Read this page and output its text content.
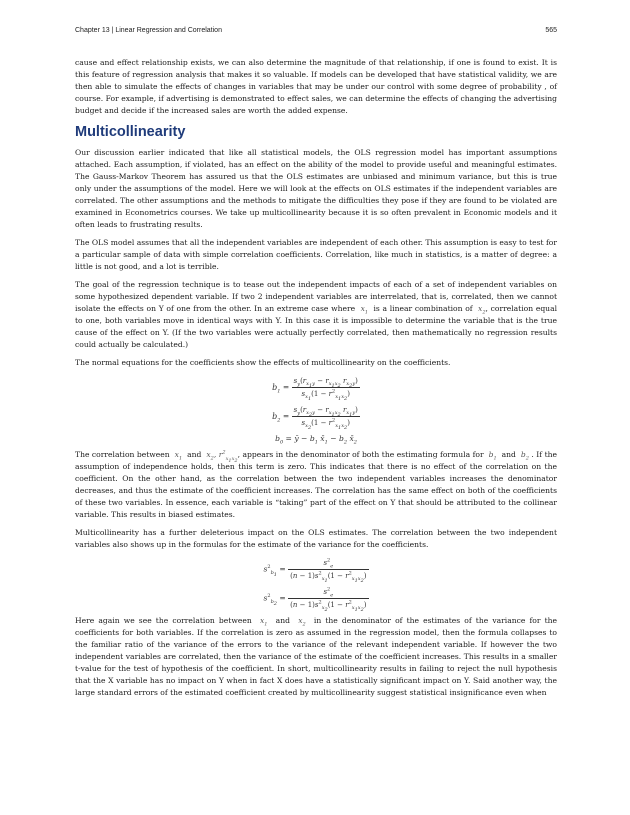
Chapter 13 | Linear Regression and Correlation	565

cause and effect relationship exists, we can also determine the magnitude of that relationship, if one is found to exist. It is this feature of regression analysis that makes it so valuable. If models can be developed that have statistical validity, we are then able to simulate the effects of changes in variables that may be under our control with some degree of probability , of course. For example, if advertising is demonstrated to effect sales, we can determine the effects of changing the advertising budget and decide if the increased sales are worth the added expense.

Multicollinearity

Our discussion earlier indicated that like all statistical models, the OLS regression model has important assumptions attached. Each assumption, if violated, has an effect on the ability of the model to provide useful and meaningful estimates. The Gauss-Markov Theorem has assured us that the OLS estimates are unbiased and minimum variance, but this is true only under the assumptions of the model. Here we will look at the effects on OLS estimates if the independent variables are correlated. The other assumptions and the methods to mitigate the difficulties they pose if they are found to be violated are examined in Econometrics courses. We take up multicollinearity because it is so often prevalent in Economic models and it often leads to frustrating results.

The OLS model assumes that all the independent variables are independent of each other. This assumption is easy to test for a particular sample of data with simple correlation coefficients. Correlation, like much in statistics, is a matter of degree: a little is not good, and a lot is terrible.

The goal of the regression technique is to tease out the independent impacts of each of a set of independent variables on some hypothesized dependent variable. If two 2 independent variables are interrelated, that is, correlated, then we cannot isolate the effects on Y of one from the other. In an extreme case where $x_1$ is a linear combination of $x_2$, correlation equal to one, both variables move in identical ways with Y. In this case it is impossible to determine the variable that is the true cause of the effect on Y. (If the two variables were actually perfectly correlated, then mathematically no regression results could actually be calculated.)

The normal equations for the coefficients show the effects of multicollinearity on the coefficients.

$b_1 = \frac{s_y(r_{x_1y} - r_{x_1x_2} r_{x_2y})}{s_{x_1}(1 - r^2_{x_1x_2})}$
$b_2 = \frac{s_y(r_{x_2y} - r_{x_1x_2} r_{x_1y})}{s_{x_2}(1 - r^2_{x_1x_2})}$
$b_0$ = ȳ − $b_1$ $x̄_1 - b_2$ $x̄_2$

The correlation between $x_1$ and $x_2$, $r^2_{x_1x_2}$, appears in the denominator of both the estimating formula for $b_1$ and $b_2$ . If the assumption of independence holds, then this term is zero. This indicates that there is no effect of the correlation on the coefficient. On the other hand, as the correlation between the two independent variables increases the denominator decreases, and thus the estimate of the coefficient increases. The correlation has the same effect on both of the coefficients of these two variables. In essence, each variable is “taking” part of the effect on Y that should be attributed to the collinear variable. This results in biased estimates.

Multicollinearity has a further deleterious impact on the OLS estimates. The correlation between the two independent variables also shows up in the formulas for the estimate of the variance for the coefficients.

$s^2_{b_1} = \frac{s^2_e}{(n - 1)s^2_{x_1}(1 - r^2_{x_1x_2})}$
$s^2_{b_2} = \frac{s^2_e}{(n - 1)s^2_{x_2}(1 - r^2_{x_1x_2})}$

Here again we see the correlation between $x_1$ and $x_2$ in the denominator of the estimates of the variance for the coefficients for both variables. If the correlation is zero as assumed in the regression model, then the formula collapses to the familiar ratio of the variance of the errors to the variance of the relevant independent variable. If however the two independent variables are correlated, then the variance of the estimate of the coefficient increases. This results in a smaller t-value for the test of hypothesis of the coefficient. In short, multicollinearity results in failing to reject the null hypothesis that the X variable has no impact on Y when in fact X does have a statistically significant impact on Y. Said another way, the large standard errors of the estimated coefficient created by multicollinearity suggest statistical insignificance even when
